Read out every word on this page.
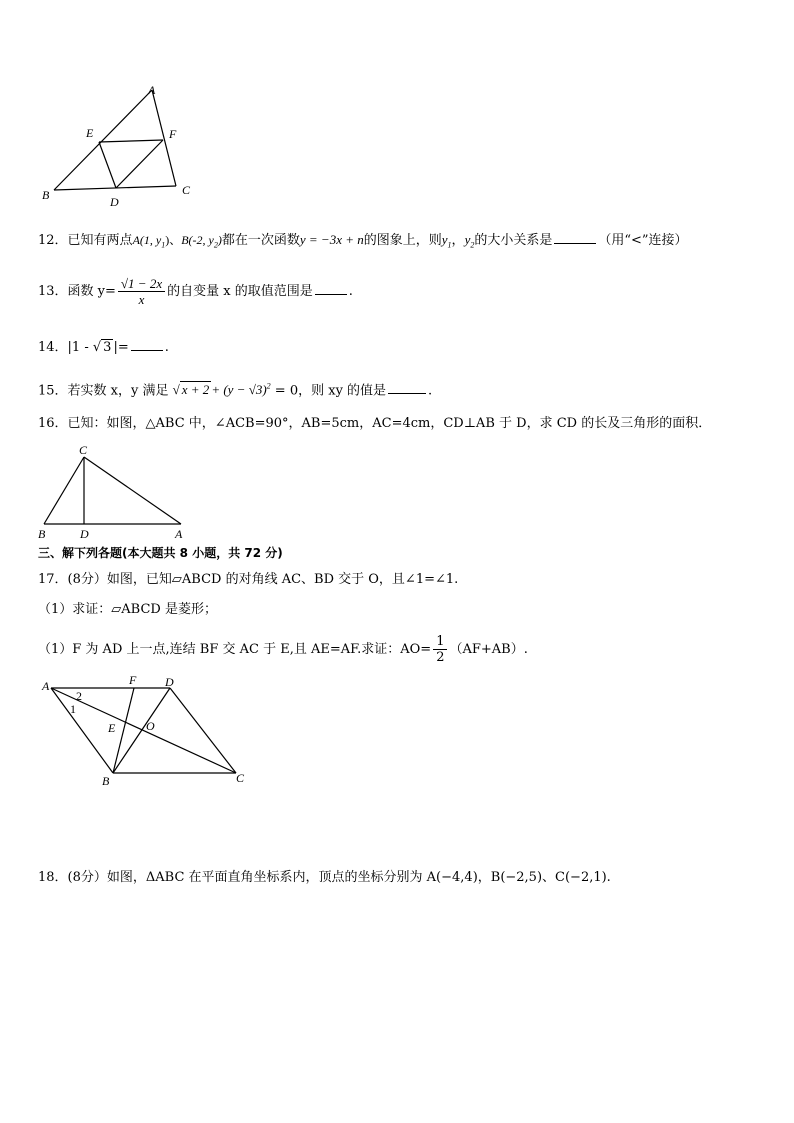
A
B	C
D
E	F
12．已知有两点A(1, $y_1$)、B(-2, $y_2$)都在一次函数y = −3x + n的图象上，则$y_1$，$y_2$的大小关系是	（用“<”连接）
13．函数 $y= \frac{√1 - 2x}{x}$ 的自变量 x 的取值范围是	.
14．|1 - √ 3 |=	.
15．若实数 x，y 满足 √ $x + 2 + (y - √3)^2 = 0$，则 xy 的值是	.
16．已知：如图，△ABC 中，∠ACB=90°，AB=5cm，AC=4cm，CD⊥AB 于 D，求 CD 的长及三角形的面积．
C
B	D	A
三、解下列各题(本大题共 8 小题，共 72 分)
17．(8分）如图，已知▱ABCD 的对角线 AC、BD 交于 O，且∠1=∠1.
（1）求证：▱ABCD 是菱形；
（1）F 为 AD 上一点,连结 BF 交 AC 于 E,且 AE=AF.求证：$AO= \frac{1}{2} (AF+AB)$.
A	F D
E	O
B	C
1
2
18．(8分）如图，ΔABC 在平面直角坐标系内，顶点的坐标分别为 A(−4,4)，B(−2,5)、C(−2,1).
